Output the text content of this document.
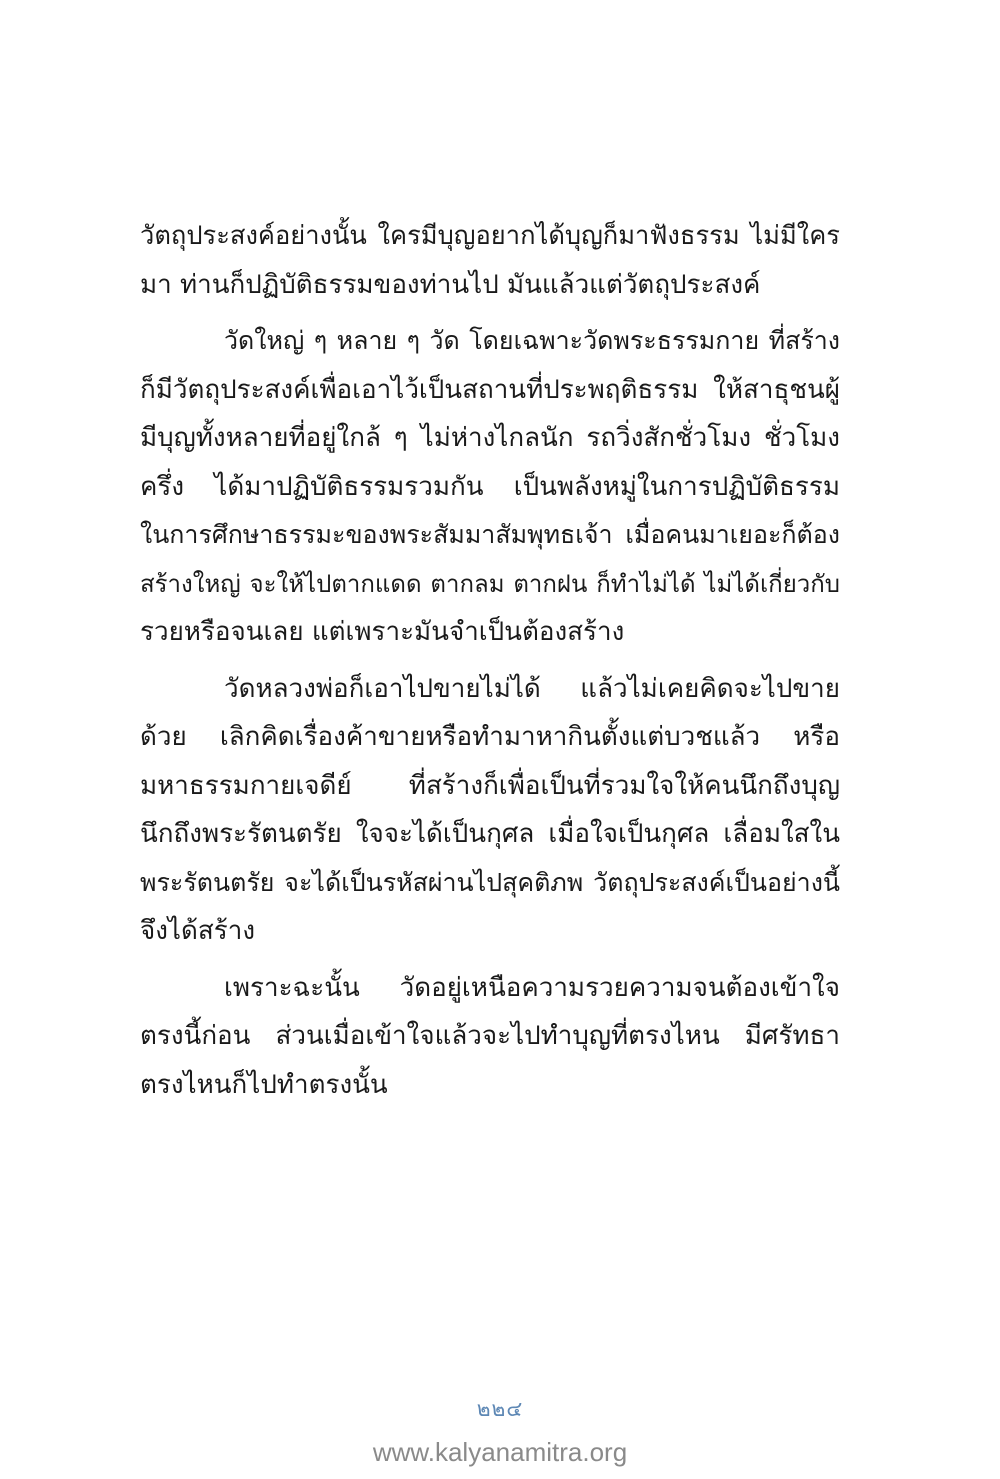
วัตถุประสงค์อย่างนั้น ใครมีบุญอยากได้บุญก็มาฟังธรรม ไม่มีใคร
มา ท่านก็ปฏิบัติธรรมของท่านไป มันแล้วแต่วัตถุประสงค์
วัดใหญ่ ๆ หลาย ๆ วัด โดยเฉพาะวัดพระธรรมกาย ที่สร้าง
ก็มีวัตถุประสงค์เพื่อเอาไว้เป็นสถานที่ประพฤติธรรม ให้สาธุชนผู้
มีบุญทั้งหลายที่อยู่ใกล้ ๆ ไม่ห่างไกลนัก รถวิ่งสักชั่วโมง ชั่วโมง
ครึ่ง ได้มาปฏิบัติธรรมรวมกัน เป็นพลังหมู่ในการปฏิบัติธรรม
ในการศึกษาธรรมะของพระสัมมาสัมพุทธเจ้า เมื่อคนมาเยอะก็ต้อง
สร้างใหญ่ จะให้ไปตากแดด ตากลม ตากฝน ก็ทำไม่ได้ ไม่ได้เกี่ยวกับ
รวยหรือจนเลย แต่เพราะมันจำเป็นต้องสร้าง
วัดหลวงพ่อก็เอาไปขายไม่ได้ แล้วไม่เคยคิดจะไปขาย
ด้วย เลิกคิดเรื่องค้าขายหรือทำมาหากินตั้งแต่บวชแล้ว หรือ
มหาธรรมกายเจดีย์ ที่สร้างก็เพื่อเป็นที่รวมใจให้คนนึกถึงบุญ
นึกถึงพระรัตนตรัย ใจจะได้เป็นกุศล เมื่อใจเป็นกุศล เลื่อมใสใน
พระรัตนตรัย จะได้เป็นรหัสผ่านไปสุคติภพ วัตถุประสงค์เป็นอย่างนี้
จึงได้สร้าง
เพราะฉะนั้น วัดอยู่เหนือความรวยความจนต้องเข้าใจ
ตรงนี้ก่อน ส่วนเมื่อเข้าใจแล้วจะไปทำบุญที่ตรงไหน มีศรัทธา
ตรงไหนก็ไปทำตรงนั้น
๒๒๔
www.kalyanamitra.org
